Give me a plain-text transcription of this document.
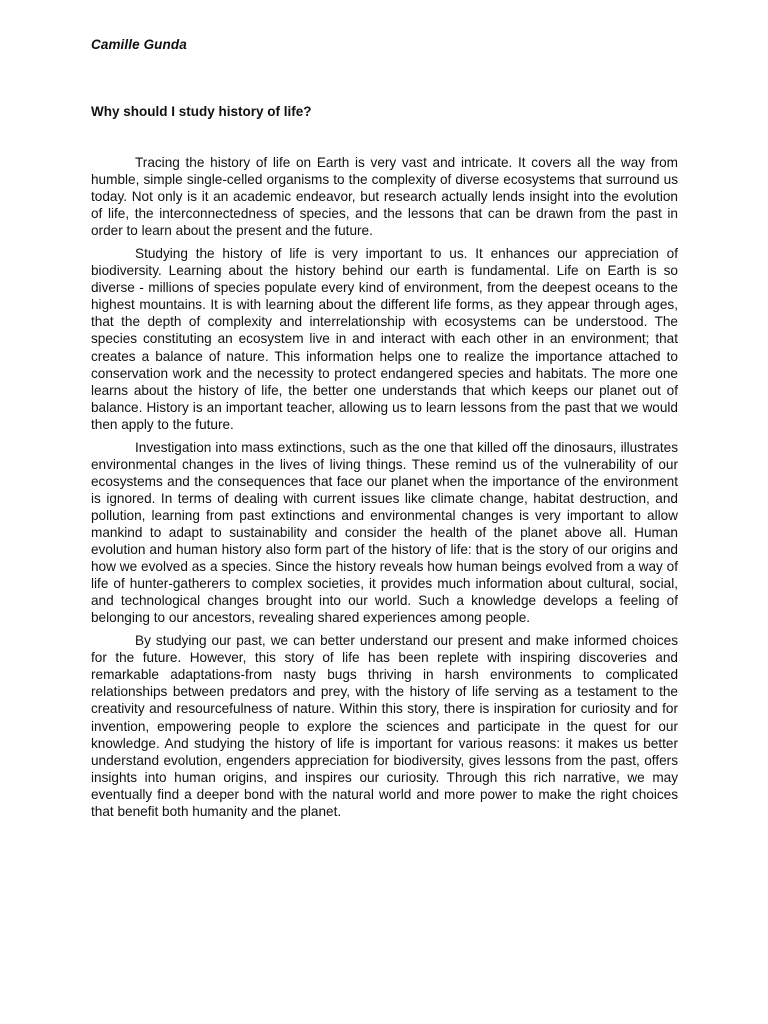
Camille Gunda
Why should I study history of life?

Tracing the history of life on Earth is very vast and intricate. It covers all the way from humble, simple single-celled organisms to the complexity of diverse ecosystems that surround us today. Not only is it an academic endeavor, but research actually lends insight into the evolution of life, the interconnectedness of species, and the lessons that can be drawn from the past in order to learn about the present and the future.

Studying the history of life is very important to us. It enhances our appreciation of biodiversity. Learning about the history behind our earth is fundamental. Life on Earth is so diverse - millions of species populate every kind of environment, from the deepest oceans to the highest mountains. It is with learning about the different life forms, as they appear through ages, that the depth of complexity and interrelationship with ecosystems can be understood. The species constituting an ecosystem live in and interact with each other in an environment; that creates a balance of nature. This information helps one to realize the importance attached to conservation work and the necessity to protect endangered species and habitats. The more one learns about the history of life, the better one understands that which keeps our planet out of balance. History is an important teacher, allowing us to learn lessons from the past that we would then apply to the future.

Investigation into mass extinctions, such as the one that killed off the dinosaurs, illustrates environmental changes in the lives of living things. These remind us of the vulnerability of our ecosystems and the consequences that face our planet when the importance of the environment is ignored. In terms of dealing with current issues like climate change, habitat destruction, and pollution, learning from past extinctions and environmental changes is very important to allow mankind to adapt to sustainability and consider the health of the planet above all. Human evolution and human history also form part of the history of life: that is the story of our origins and how we evolved as a species. Since the history reveals how human beings evolved from a way of life of hunter-gatherers to complex societies, it provides much information about cultural, social, and technological changes brought into our world. Such a knowledge develops a feeling of belonging to our ancestors, revealing shared experiences among people.

By studying our past, we can better understand our present and make informed choices for the future. However, this story of life has been replete with inspiring discoveries and remarkable adaptations-from nasty bugs thriving in harsh environments to complicated relationships between predators and prey, with the history of life serving as a testament to the creativity and resourcefulness of nature. Within this story, there is inspiration for curiosity and for invention, empowering people to explore the sciences and participate in the quest for our knowledge. And studying the history of life is important for various reasons: it makes us better understand evolution, engenders appreciation for biodiversity, gives lessons from the past, offers insights into human origins, and inspires our curiosity. Through this rich narrative, we may eventually find a deeper bond with the natural world and more power to make the right choices that benefit both humanity and the planet.
